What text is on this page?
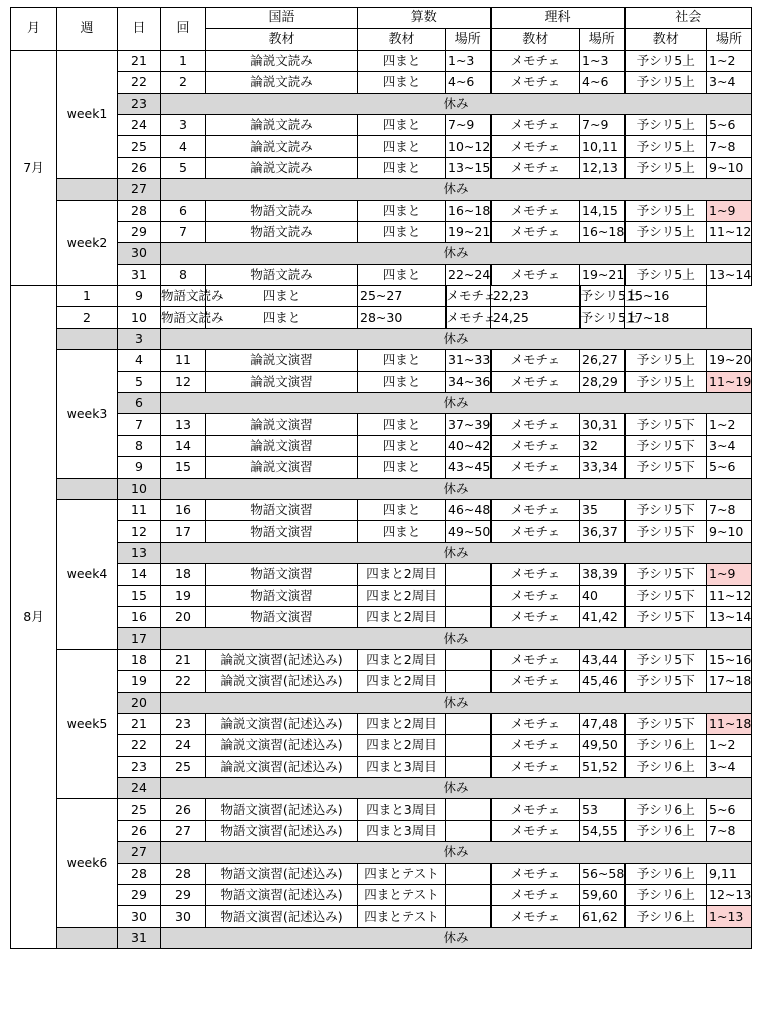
月	週	日	回	国語	算数		理科		社会	
				教材	教材	場所	教材	場所	教材	場所
7月	week1	21	1	論説文読み	四まと	1~3	メモチェ	1~3	予シリ5上	1~2
		22	2	論説文読み	四まと	4~6	メモチェ	4~6	予シリ5上	3~4
		23	休み							
		24	3	論説文読み	四まと	7~9	メモチェ	7~9	予シリ5上	5~6
		25	4	論説文読み	四まと	10~12	メモチェ	10,11	予シリ5上	7~8
		26	5	論説文読み	四まと	13~15	メモチェ	12,13	予シリ5上	9~10
		27	休み							
	week2	28	6	物語文読み	四まと	16~18	メモチェ	14,15	予シリ5上	1~9
		29	7	物語文読み	四まと	19~21	メモチェ	16~18	予シリ5上	11~12
		30	休み							
		31	8	物語文読み	四まと	22~24	メモチェ	19~21	予シリ5上	13~14
8月	1	9	物語文読み	四まと	25~27	メモチェ	22,23	予シリ5上	15~16	
	2	10	物語文読み	四まと	28~30	メモチェ	24,25	予シリ5上	17~18	
		3	休み							
	week3	4	11	論説文演習	四まと	31~33	メモチェ	26,27	予シリ5上	19~20
		5	12	論説文演習	四まと	34~36	メモチェ	28,29	予シリ5上	11~19
		6	休み							
		7	13	論説文演習	四まと	37~39	メモチェ	30,31	予シリ5下	1~2
		8	14	論説文演習	四まと	40~42	メモチェ	32	予シリ5下	3~4
		9	15	論説文演習	四まと	43~45	メモチェ	33,34	予シリ5下	5~6
		10	休み							
	week4	11	16	物語文演習	四まと	46~48	メモチェ	35	予シリ5下	7~8
		12	17	物語文演習	四まと	49~50	メモチェ	36,37	予シリ5下	9~10
		13	休み							
		14	18	物語文演習	四まと2周目		メモチェ	38,39	予シリ5下	1~9
		15	19	物語文演習	四まと2周目		メモチェ	40	予シリ5下	11~12
		16	20	物語文演習	四まと2周目		メモチェ	41,42	予シリ5下	13~14
		17	休み							
	week5	18	21	論説文演習(記述込み)	四まと2周目		メモチェ	43,44	予シリ5下	15~16
		19	22	論説文演習(記述込み)	四まと2周目		メモチェ	45,46	予シリ5下	17~18
		20	休み							
		21	23	論説文演習(記述込み)	四まと2周目		メモチェ	47,48	予シリ5下	11~18
		22	24	論説文演習(記述込み)	四まと2周目		メモチェ	49,50	予シリ6上	1~2
		23	25	論説文演習(記述込み)	四まと3周目		メモチェ	51,52	予シリ6上	3~4
		24	休み							
	week6	25	26	物語文演習(記述込み)	四まと3周目		メモチェ	53	予シリ6上	5~6
		26	27	物語文演習(記述込み)	四まと3周目		メモチェ	54,55	予シリ6上	7~8
		27	休み							
		28	28	物語文演習(記述込み)	四まとテスト		メモチェ	56~58	予シリ6上	9,11
		29	29	物語文演習(記述込み)	四まとテスト		メモチェ	59,60	予シリ6上	12~13
		30	30	物語文演習(記述込み)	四まとテスト		メモチェ	61,62	予シリ6上	1~13
		31	休み							
